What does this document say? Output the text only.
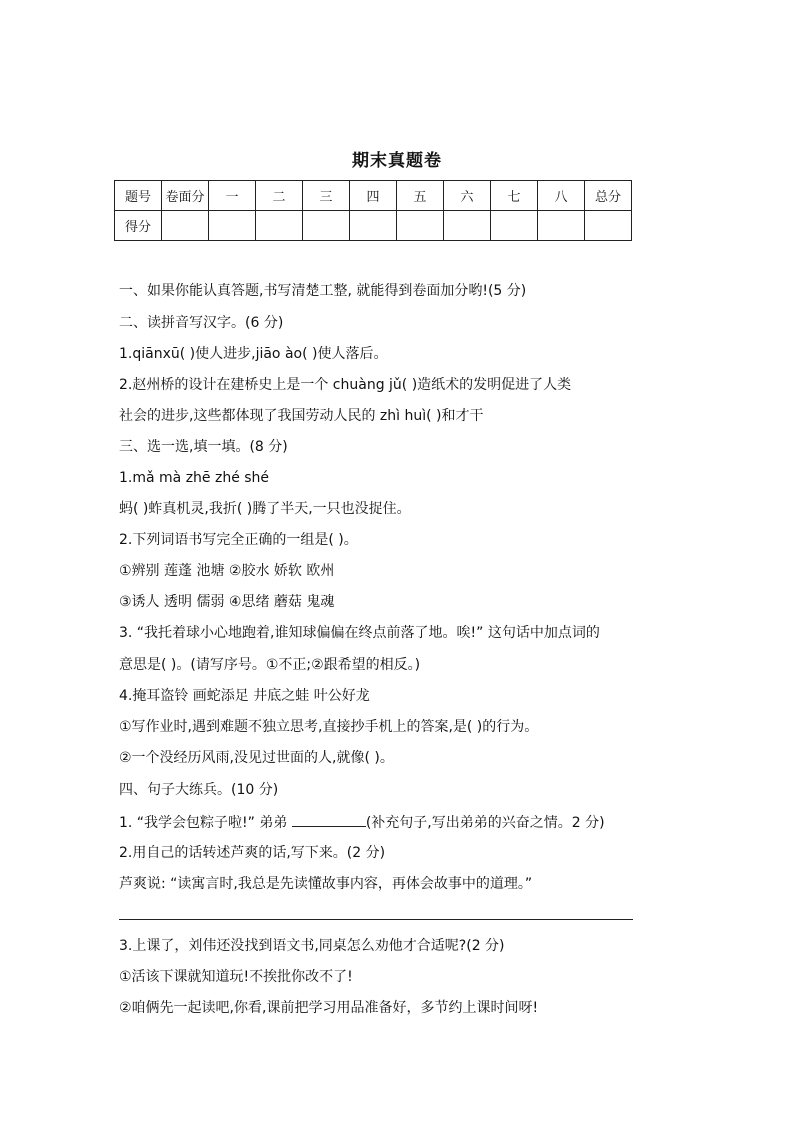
期末真题卷
题号	卷面分	一	二	三	四	五	六	七	八	总分
得分										
一、如果你能认真答题,书写清楚工整, 就能得到卷面加分哟!(5 分)
二、读拼音写汉字。(6 分)
1.qiānxū( )使人进步,jiāo ào( )使人落后。
2.赵州桥的设计在建桥史上是一个 chuàng jǔ( )造纸术的发明促进了人类
社会的进步,这些都体现了我国劳动人民的 zhì huì( )和才干
三、选一选,填一填。(8 分)
1.mǎ mà zhē zhé shé
蚂( )蚱真机灵,我折( )腾了半天,一只也没捉住。
2.下列词语书写完全正确的一组是( )。
①辨别 莲蓬 池塘 ②胶水 娇软 欧州
③诱人 透明 儒弱 ④思绪 蘑菇 鬼魂
3. “我托着球小心地跑着,谁知球偏偏在终点前落了地。唉!” 这句话中加点词的
意思是( )。(请写序号。①不正;②跟希望的相反。)
4.掩耳盗铃 画蛇添足 井底之蛙 叶公好龙
①写作业时,遇到难题不独立思考,直接抄手机上的答案,是( )的行为。
②一个没经历风雨,没见过世面的人,就像( )。
四、句子大练兵。(10 分)
1. “我学会包粽子啦!” 弟弟	(补充句子,写出弟弟的兴奋之情。2 分)
2.用自己的话转述芦爽的话,写下来。(2 分)
芦爽说: “读寓言时,我总是先读懂故事内容，再体会故事中的道理。”
3.上课了，刘伟还没找到语文书,同桌怎么劝他才合适呢?(2 分)
①活该下课就知道玩!不挨批你改不了!
②咱俩先一起读吧,你看,课前把学习用品准备好，多节约上课时间呀!
